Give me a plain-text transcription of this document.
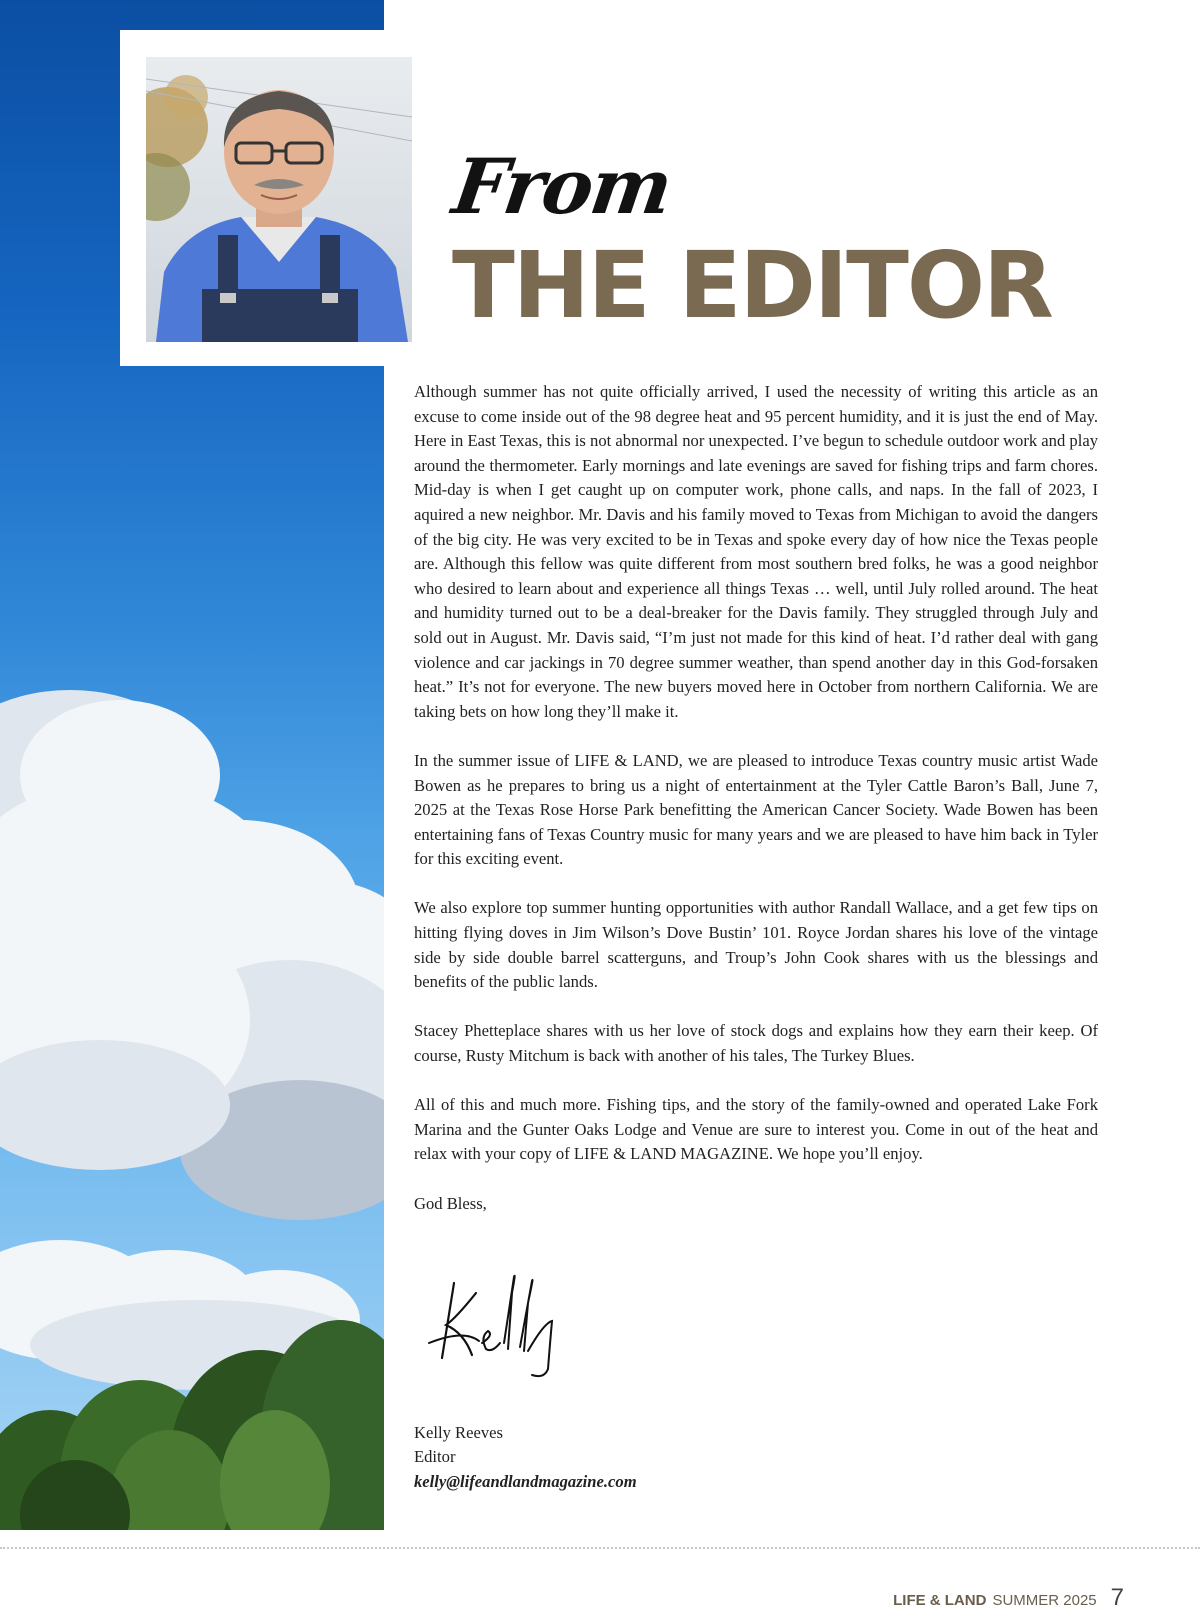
From
THE EDITOR

Although summer has not quite officially arrived, I used the necessity of writing this article as an excuse to come inside out of the 98 degree heat and 95 percent humidity, and it is just the end of May. Here in East Texas, this is not abnormal nor unexpected. I’ve begun to schedule outdoor work and play around the thermometer. Early mornings and late evenings are saved for fishing trips and farm chores. Mid-day is when I get caught up on computer work, phone calls, and naps. In the fall of 2023, I aquired a new neighbor. Mr. Davis and his family moved to Texas from Michigan to avoid the dangers of the big city. He was very excited to be in Texas and spoke every day of how nice the Texas people are. Although this fellow was quite different from most southern bred folks, he was a good neighbor who desired to learn about and experience all things Texas … well, until July rolled around. The heat and humidity turned out to be a deal-breaker for the Davis family. They struggled through July and sold out in August. Mr. Davis said, “I’m just not made for this kind of heat. I’d rather deal with gang violence and car jackings in 70 degree summer weather, than spend another day in this God-forsaken heat.” It’s not for everyone. The new buyers moved here in October from northern California. We are taking bets on how long they’ll make it.

In the summer issue of LIFE & LAND, we are pleased to introduce Texas country music artist Wade Bowen as he prepares to bring us a night of entertainment at the Tyler Cattle Baron’s Ball, June 7, 2025 at the Texas Rose Horse Park benefitting the American Cancer Society. Wade Bowen has been entertaining fans of Texas Country music for many years and we are pleased to have him back in Tyler for this exciting event.

We also explore top summer hunting opportunities with author Randall Wallace, and a get few tips on hitting flying doves in Jim Wilson’s Dove Bustin’ 101. Royce Jordan shares his love of the vintage side by side double barrel scatterguns, and Troup’s John Cook shares with us the blessings and benefits of the public lands.

Stacey Phetteplace shares with us her love of stock dogs and explains how they earn their keep. Of course, Rusty Mitchum is back with another of his tales, The Turkey Blues.

All of this and much more. Fishing tips, and the story of the family-owned and operated Lake Fork Marina and the Gunter Oaks Lodge and Venue are sure to interest you. Come in out of the heat and relax with your copy of LIFE & LAND MAGAZINE. We hope you’ll enjoy.

God Bless,

Kelly Reeves
Editor
kelly@lifeandlandmagazine.com
LIFE & LAND SUMMER 2025 7
